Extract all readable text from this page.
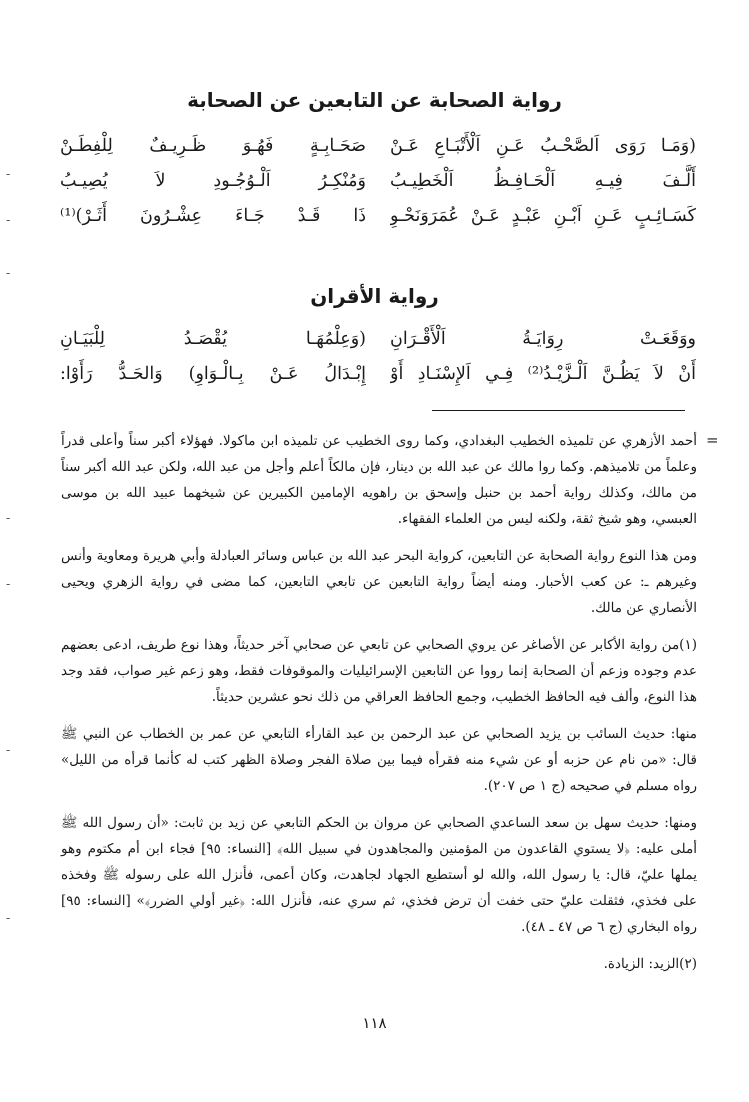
رواية الصحابة عن التابعين عن الصحابة
(وَمَـا رَوَى اَلصَّحْـبُ عَـنِ اَلْأَتْبَـاعِ عَـنْ
صَحَـابِـةٍ فَهُـوَ ظَـرِيـفٌ لِلْفِطَـنْ
أَلَّـفَ فِيـهِ اَلْحَـافِـظُ اَلْخَطِيـبُ
وَمُنْكِـرُ اَلْـوُجُـودِ لاَ يُصِيـبُ
كَسَـائِـبٍ عَـنِ اَبْـنِ عَبْـدٍ عَـنْ عُمَرَوَنَحْـوِ
ذَا قَـدْ جَـاءَ عِشْـرُونَ أَثَـرْ)⁽¹⁾
رواية الأقران
ووَقَعَـتْ رِوَايَـةُ اَلْأَقْـرَانِ
(وَعِلْمُهَـا يُقْصَـدُ لِلْبَيَـانِ
أَنْ لاَ يَظُـنَّ اَلْـزَّيْـدُ⁽²⁾ فِـي اَلإِسْنَـادِ أَوْ
إِبْـدَالُ عَـنْ بِـالْـوَاوِ) وَالحَـدُّ رَأَوْا:
=

أحمد الأزهري عن تلميذه الخطيب البغدادي، وكما روى الخطيب عن تلميذه ابن ماكولا. فهؤلاء أكبر سناً وأعلى قدراً وعلماً من تلاميذهم. وكما روا مالك عن عبد الله بن دينار، فإن مالكاً أعلم وأجل من عبد الله، ولكن عبد الله أكبر سناً من مالك، وكذلك رواية أحمد بن حنبل وإسحق بن راهويه الإمامين الكبيرين عن شيخهما عبيد الله بن موسى العبسي، وهو شيخ ثقة، ولكنه ليس من العلماء الفقهاء.

ومن هذا النوع رواية الصحابة عن التابعين، كرواية البحر عبد الله بن عباس وسائر العبادلة وأبي هريرة ومعاوية وأنس وغيرهم ـ: عن كعب الأحبار. ومنه أيضاً رواية التابعين عن تابعي التابعين، كما مضى في رواية الزهري ويحيى الأنصاري عن مالك.

(١)من رواية الأكابر عن الأصاغر عن يروي الصحابي عن تابعي عن صحابي آخر حديثاً، وهذا نوع طريف، ادعى بعضهم عدم وجوده وزعم أن الصحابة إنما رووا عن التابعين الإسرائيليات والموقوفات فقط، وهو زعم غير صواب، فقد وجد هذا النوع، وألف فيه الحافظ الخطيب، وجمع الحافظ العراقي من ذلك نحو عشرين حديثاً.

منها: حديث السائب بن يزيد الصحابي عن عبد الرحمن بن عبد القارأء التابعي عن عمر بن الخطاب عن النبي ﷺ قال: «من نام عن حزبه أو عن شيء منه فقرأه فيما بين صلاة الفجر وصلاة الظهر كتب له كأنما قرأه من الليل» رواه مسلم في صحيحه (ج ١ ص ٢٠٧).

ومنها: حديث سهل بن سعد الساعدي الصحابي عن مروان بن الحكم التابعي عن زيد بن ثابت: «أن رسول الله ﷺ أملى عليه: ﴿لا يستوي القاعدون من المؤمنين والمجاهدون في سبيل الله﴾ [النساء: ٩٥] فجاء ابن أم مكتوم وهو يملها عليّ، قال: يا رسول الله، والله لو أستطيع الجهاد لجاهدت، وكان أعمى، فأنزل الله على رسوله ﷺ وفخذه على فخذي، فثقلت عليّ حتى خفت أن ترض فخذي، ثم سري عنه، فأنزل الله: ﴿غير أولي الضرر﴾» [النساء: ٩٥] رواه البخاري (ج ٦ ص ٤٧ ـ ٤٨).

(٢)الزيد: الزيادة.

-
-
-
-
-
-
-
١١٨
